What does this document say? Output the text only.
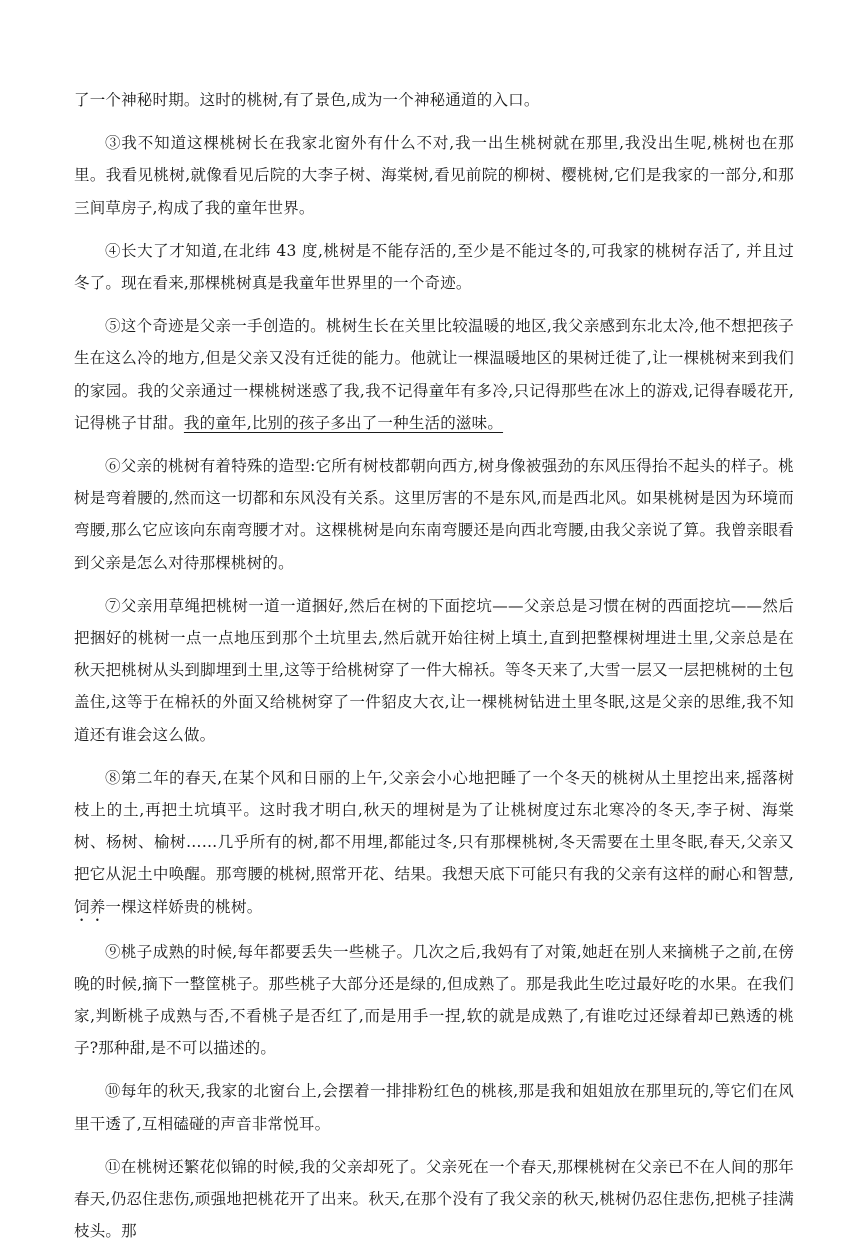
了一个神秘时期。这时的桃树,有了景色,成为一个神秘通道的入口。

③我不知道这棵桃树长在我家北窗外有什么不对,我一出生桃树就在那里,我没出生呢,桃树也在那里。我看见桃树,就像看见后院的大李子树、海棠树,看见前院的柳树、樱桃树,它们是我家的一部分,和那三间草房子,构成了我的童年世界。

④长大了才知道,在北纬 43 度,桃树是不能存活的,至少是不能过冬的,可我家的桃树存活了, 并且过冬了。现在看来,那棵桃树真是我童年世界里的一个奇迹。

⑤这个奇迹是父亲一手创造的。桃树生长在关里比较温暖的地区,我父亲感到东北太冷,他不想把孩子生在这么冷的地方,但是父亲又没有迁徙的能力。他就让一棵温暖地区的果树迁徙了,让一棵桃树来到我们的家园。我的父亲通过一棵桃树迷惑了我,我不记得童年有多冷,只记得那些在冰上的游戏,记得春暖花开,记得桃子甘甜。我的童年,比别的孩子多出了一种生活的滋味。

⑥父亲的桃树有着特殊的造型:它所有树枝都朝向西方,树身像被强劲的东风压得抬不起头的样子。桃树是弯着腰的,然而这一切都和东风没有关系。这里厉害的不是东风,而是西北风。如果桃树是因为环境而弯腰,那么它应该向东南弯腰才对。这棵桃树是向东南弯腰还是向西北弯腰,由我父亲说了算。我曾亲眼看到父亲是怎么对待那棵桃树的。

⑦父亲用草绳把桃树一道一道捆好,然后在树的下面挖坑——父亲总是习惯在树的西面挖坑——然后把捆好的桃树一点一点地压到那个土坑里去,然后就开始往树上填土,直到把整棵树埋进土里,父亲总是在秋天把桃树从头到脚埋到土里,这等于给桃树穿了一件大棉袄。等冬天来了,大雪一层又一层把桃树的土包盖住,这等于在棉袄的外面又给桃树穿了一件貂皮大衣,让一棵桃树钻进土里冬眠,这是父亲的思维,我不知道还有谁会这么做。

⑧第二年的春天,在某个风和日丽的上午,父亲会小心地把睡了一个冬天的桃树从土里挖出来,摇落树枝上的土,再把土坑填平。这时我才明白,秋天的埋树是为了让桃树度过东北寒冷的冬天,李子树、海棠树、杨树、榆树……几乎所有的树,都不用埋,都能过冬,只有那棵桃树,冬天需要在土里冬眠,春天,父亲又把它从泥土中唤醒。那弯腰的桃树,照常开花、结果。我想天底下可能只有我的父亲有这样的耐心和智慧,饲养一棵这样娇贵的桃树。

⑨桃子成熟的时候,每年都要丢失一些桃子。几次之后,我妈有了对策,她赶在别人来摘桃子之前,在傍晚的时候,摘下一整筐桃子。那些桃子大部分还是绿的,但成熟了。那是我此生吃过最好吃的水果。在我们家,判断桃子成熟与否,不看桃子是否红了,而是用手一捏,软的就是成熟了,有谁吃过还绿着却已熟透的桃子?那种甜,是不可以描述的。

⑩每年的秋天,我家的北窗台上,会摆着一排排粉红色的桃核,那是我和姐姐放在那里玩的,等它们在风里干透了,互相磕碰的声音非常悦耳。

⑪在桃树还繁花似锦的时候,我的父亲却死了。父亲死在一个春天,那棵桃树在父亲已不在人间的那年春天,仍忍住悲伤,顽强地把桃花开了出来。秋天,在那个没有了我父亲的秋天,桃树仍忍住悲伤,把桃子挂满枝头。那
